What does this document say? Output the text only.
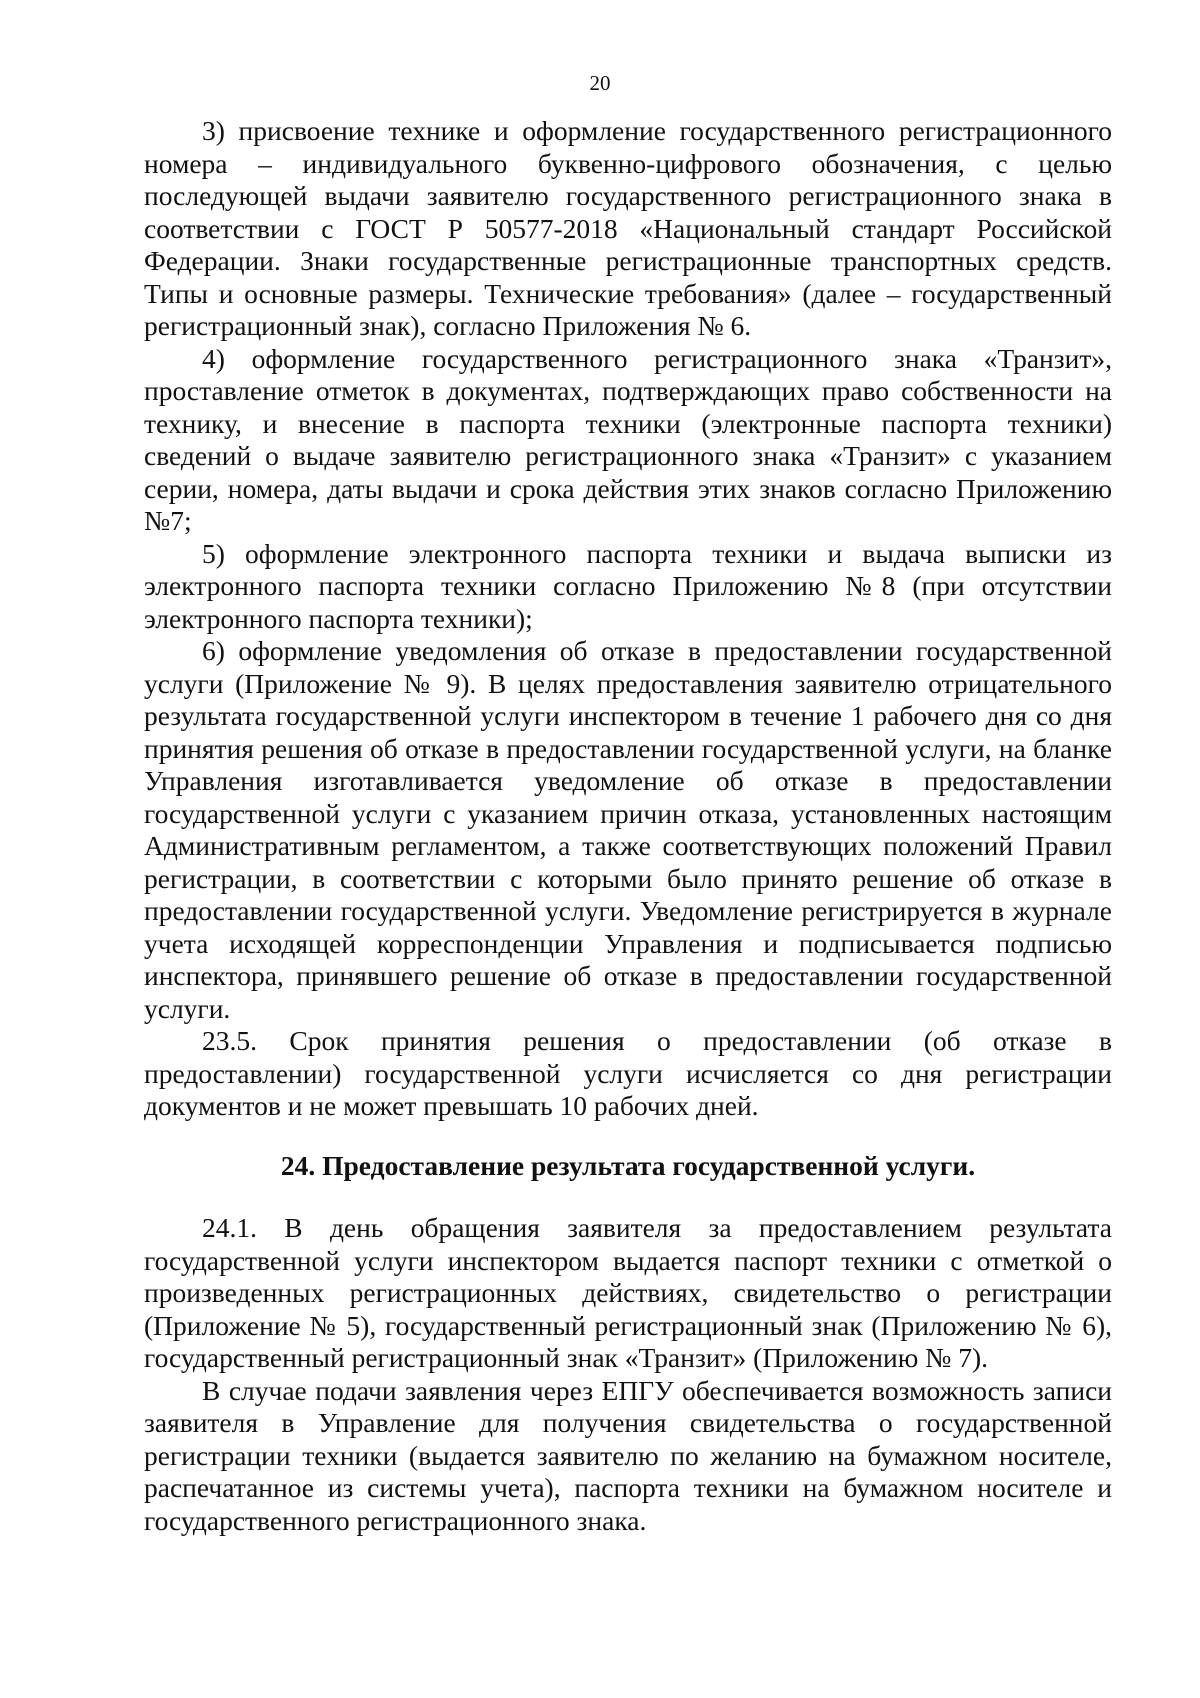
20

3) присвоение технике и оформление государственного регистрационного номера – индивидуального буквенно-цифрового обозначения, с целью последующей выдачи заявителю государственного регистрационного знака в соответствии с ГОСТ Р 50577-2018 «Национальный стандарт Российской Федерации. Знаки государственные регистрационные транспортных средств. Типы и основные размеры. Технические требования» (далее – государственный регистрационный знак), согласно Приложения № 6.

4) оформление государственного регистрационного знака «Транзит», проставление отметок в документах, подтверждающих право собственности на технику, и внесение в паспорта техники (электронные паспорта техники) сведений о выдаче заявителю регистрационного знака «Транзит» с указанием серии, номера, даты выдачи и срока действия этих знаков согласно Приложению №7;

5) оформление электронного паспорта техники и выдача выписки из электронного паспорта техники согласно Приложению №8 (при отсутствии электронного паспорта техники);

6) оформление уведомления об отказе в предоставлении государственной услуги (Приложение № 9). В целях предоставления заявителю отрицательного результата государственной услуги инспектором в течение 1 рабочего дня со дня принятия решения об отказе в предоставлении государственной услуги, на бланке Управления изготавливается уведомление об отказе в предоставлении государственной услуги с указанием причин отказа, установленных настоящим Административным регламентом, а также соответствующих положений Правил регистрации, в соответствии с которыми было принято решение об отказе в предоставлении государственной услуги. Уведомление регистрируется в журнале учета исходящей корреспонденции Управления и подписывается подписью инспектора, принявшего решение об отказе в предоставлении государственной услуги.

23.5. Срок принятия решения о предоставлении (об отказе в предоставлении) государственной услуги исчисляется со дня регистрации документов и не может превышать 10 рабочих дней.

24. Предоставление результата государственной услуги.

24.1. В день обращения заявителя за предоставлением результата государственной услуги инспектором выдается паспорт техники с отметкой о произведенных регистрационных действиях, свидетельство о регистрации (Приложение № 5), государственный регистрационный знак (Приложению № 6), государственный регистрационный знак «Транзит» (Приложению № 7).

В случае подачи заявления через ЕПГУ обеспечивается возможность записи заявителя в Управление для получения свидетельства о государственной регистрации техники (выдается заявителю по желанию на бумажном носителе, распечатанное из системы учета), паспорта техники на бумажном носителе и государственного регистрационного знака.
